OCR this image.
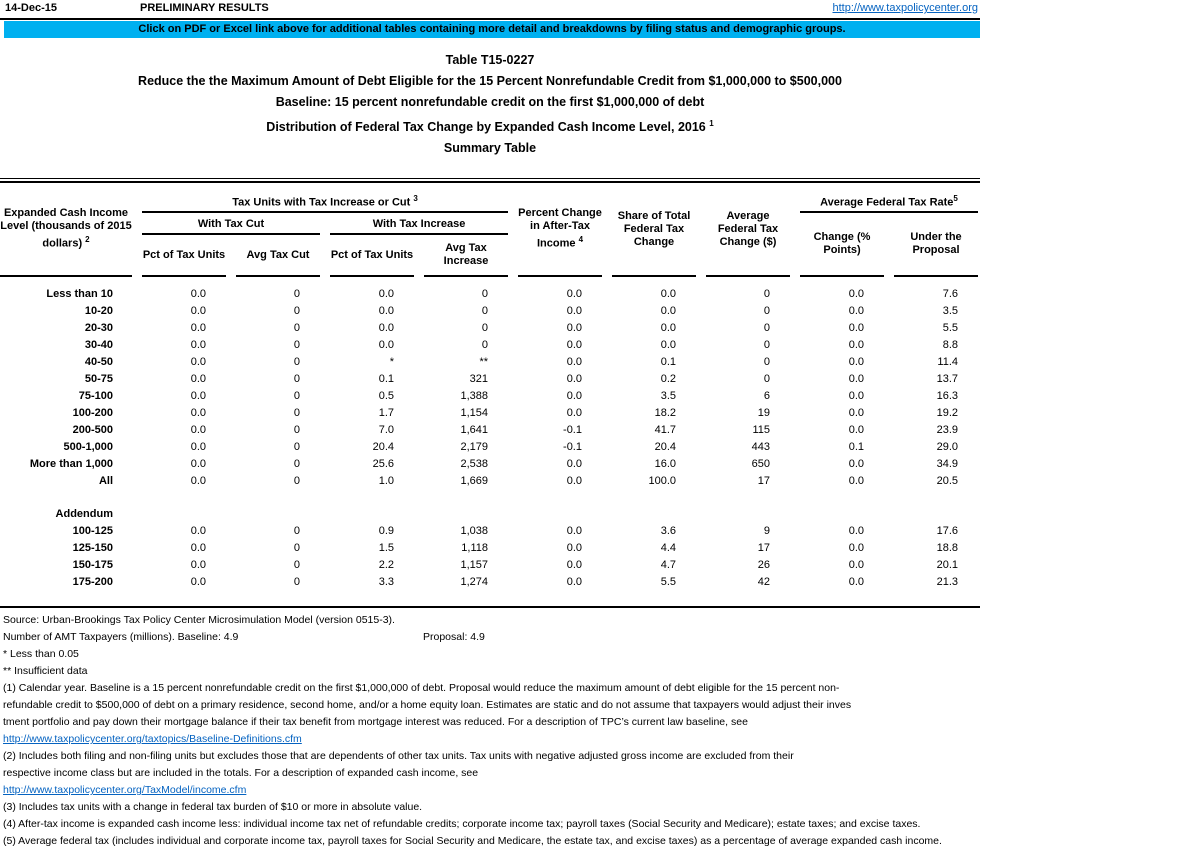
14-Dec-15	PRELIMINARY RESULTS	http://www.taxpolicycenter.org
Click on PDF or Excel link above for additional tables containing more detail and breakdowns by filing status and demographic groups.
Table T15-0227
Reduce the the Maximum Amount of Debt Eligible for the 15 Percent Nonrefundable Credit from $1,000,000 to $500,000
Baseline: 15 percent nonrefundable credit on the first $1,000,000 of debt
Distribution of Federal Tax Change by Expanded Cash Income Level, 2016 $^1$
Summary Table
Expanded Cash Income Level (thousands of 2015 dollars) $^2$	Tax Units with Tax Increase or Cut $^3$				Percent Change in After-Tax Income $^4$	Share of Total Federal Tax Change	Average Federal Tax Change ($)	Average Federal Tax Rate$^5$
	With Tax Cut		With Tax Increase					Change (% Points)	Under the Proposal
	Pct of Tax Units	Avg Tax Cut	Pct of Tax Units	Avg Tax Increase					
Less than 10	0.0	0	0.0	0	0.0	0.0	0	0.0	7.6
10-20	0.0	0	0.0	0	0.0	0.0	0	0.0	3.5
20-30	0.0	0	0.0	0	0.0	0.0	0	0.0	5.5
30-40	0.0	0	0.0	0	0.0	0.0	0	0.0	8.8
40-50	0.0	0	*	**	0.0	0.1	0	0.0	11.4
50-75	0.0	0	0.1	321	0.0	0.2	0	0.0	13.7
75-100	0.0	0	0.5	1,388	0.0	3.5	6	0.0	16.3
100-200	0.0	0	1.7	1,154	0.0	18.2	19	0.0	19.2
200-500	0.0	0	7.0	1,641	-0.1	41.7	115	0.0	23.9
500-1,000	0.0	0	20.4	2,179	-0.1	20.4	443	0.1	29.0
More than 1,000	0.0	0	25.6	2,538	0.0	16.0	650	0.0	34.9
All	0.0	0	1.0	1,669	0.0	100.0	17	0.0	20.5

Addendum									
100-125	0.0	0	0.9	1,038	0.0	3.6	9	0.0	17.6
125-150	0.0	0	1.5	1,118	0.0	4.4	17	0.0	18.8
150-175	0.0	0	2.2	1,157	0.0	4.7	26	0.0	20.1
175-200	0.0	0	3.3	1,274	0.0	5.5	42	0.0	21.3
Source: Urban-Brookings Tax Policy Center Microsimulation Model (version 0515-3).
Number of AMT Taxpayers (millions). Baseline: 4.9	Proposal: 4.9
* Less than 0.05
** Insufficient data
(1) Calendar year. Baseline is a 15 percent nonrefundable credit on the first $1,000,000 of debt. Proposal would reduce the maximum amount of debt eligible for the 15 percent non-
refundable credit to $500,000 of debt on a primary residence, second home, and/or a home equity loan. Estimates are static and do not assume that taxpayers would adjust their inves
tment portfolio and pay down their mortgage balance if their tax benefit from mortgage interest was reduced. For a description of TPC’s current law baseline, see
http://www.taxpolicycenter.org/taxtopics/Baseline-Definitions.cfm
(2) Includes both filing and non-filing units but excludes those that are dependents of other tax units. Tax units with negative adjusted gross income are excluded from their
respective income class but are included in the totals. For a description of expanded cash income, see
http://www.taxpolicycenter.org/TaxModel/income.cfm
(3) Includes tax units with a change in federal tax burden of $10 or more in absolute value.
(4) After-tax income is expanded cash income less: individual income tax net of refundable credits; corporate income tax; payroll taxes (Social Security and Medicare); estate taxes; and excise taxes.
(5) Average federal tax (includes individual and corporate income tax, payroll taxes for Social Security and Medicare, the estate tax, and excise taxes) as a percentage of average expanded cash income.
